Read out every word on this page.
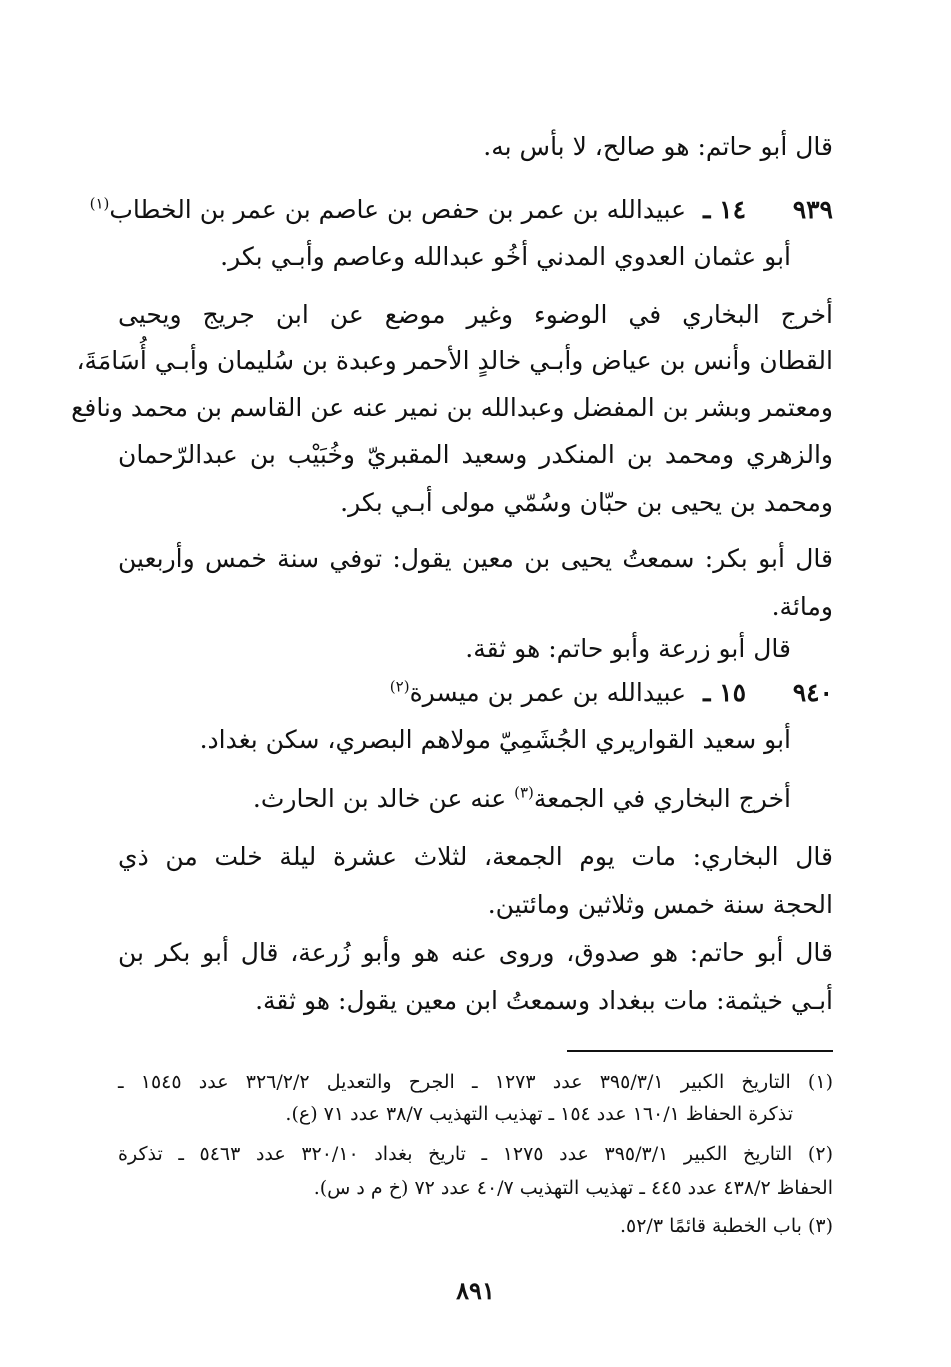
قال أبو حاتم: هو صالح، لا بأس به.
٩٣٩
١٤ ـ
عبيدالله بن عمر بن حفص بن عاصم بن عمر بن الخطاب$^{(١)}$
أبو عثمان العدوي المدني أخُو عبدالله وعاصم وأبـي بكر.
أخرج البخاري في الوضوء وغير موضع عن ابن جريج ويحيى
القطان وأنس بن عياض وأبـي خالدٍ الأحمر وعبدة بن سُليمان وأبـي أُسَامَةَ،
ومعتمر وبشر بن المفضل وعبدالله بن نمير عنه عن القاسم بن محمد ونافع
والزهري ومحمد بن المنكدر وسعيد المقبريّ وخُبَيْب بن عبدالرّحمان
ومحمد بن يحيى بن حبّان وسُمّي مولى أبـي بكر.
قال أبو بكر: سمعتُ يحيى بن معين يقول: توفي سنة خمس وأربعين
ومائة.
قال أبو زرعة وأبو حاتم: هو ثقة.
٩٤٠
١٥ ـ
عبيدالله بن عمر بن ميسرة$^{(٢)}$
أبو سعيد القواريري الجُشَمِيّ مولاهم البصري، سكن بغداد.
أخرج البخاري في الجمعة$^{(٣)}$ عنه عن خالد بن الحارث.
قال البخاري: مات يوم الجمعة، لثلاث عشرة ليلة خلت من ذي
الحجة سنة خمس وثلاثين ومائتين.
قال أبو حاتم: هو صدوق، وروى عنه هو وأبو زُرعة، قال أبو بكر بن
أبـي خيثمة: مات ببغداد وسمعتُ ابن معين يقول: هو ثقة.
(١) التاريخ الكبير ٣٩٥/٣/١ عدد ١٢٧٣ ـ الجرح والتعديل ٣٢٦/٢/٢ عدد ١٥٤٥ ـ
تذكرة الحفاظ ١٦٠/١ عدد ١٥٤ ـ تهذيب التهذيب ٣٨/٧ عدد ٧١ (ع).
(٢) التاريخ الكبير ٣٩٥/٣/١ عدد ١٢٧٥ ـ تاريخ بغداد ٣٢٠/١٠ عدد ٥٤٦٣ ـ تذكرة
الحفاظ ٤٣٨/٢ عدد ٤٤٥ ـ تهذيب التهذيب ٤٠/٧ عدد ٧٢ (خ م د س).
(٣) باب الخطبة قائمًا ٥٢/٣.
٨٩١
